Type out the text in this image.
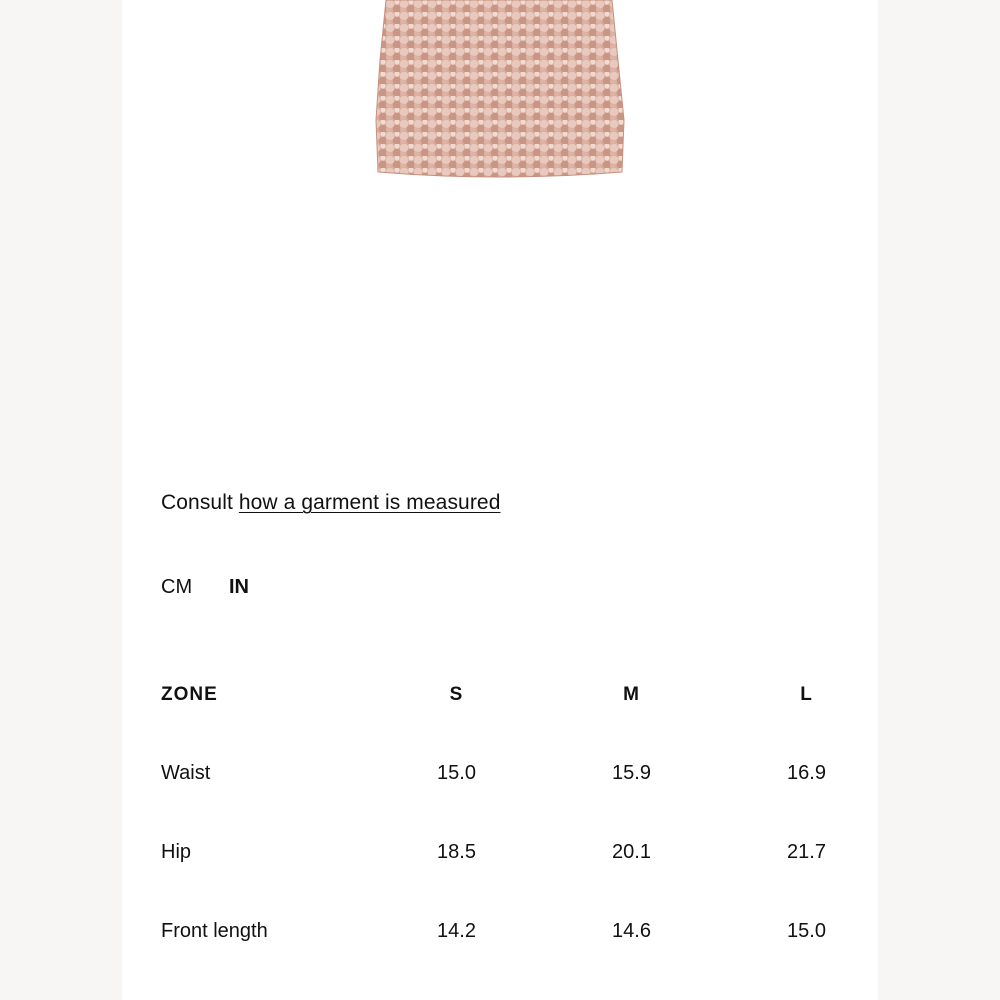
Consult how a garment is measured
CM	IN
ZONE	S	M	L
Waist	15.0	15.9	16.9
Hip	18.5	20.1	21.7
Front length	14.2	14.6	15.0
